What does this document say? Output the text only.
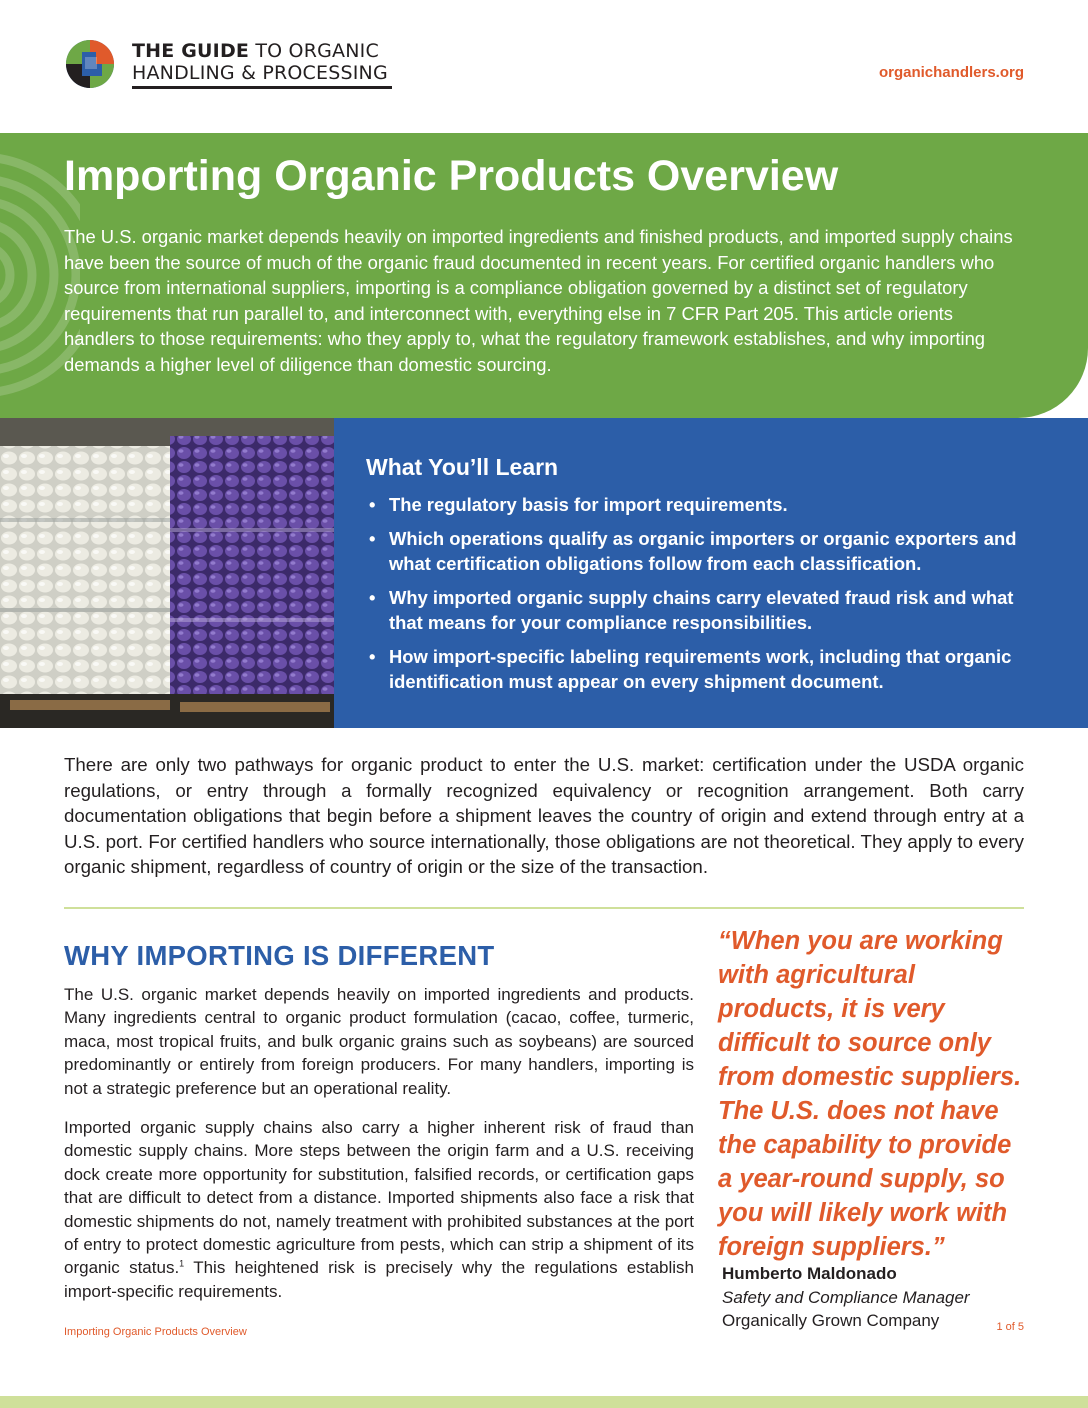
THE GUIDE TO ORGANIC
HANDLING & PROCESSING	organichandlers.org
Importing Organic Products Overview
The U.S. organic market depends heavily on imported ingredients and finished products, and imported supply chains have been the source of much of the organic fraud documented in recent years. For certified organic handlers who source from international suppliers, importing is a compliance obligation governed by a distinct set of regulatory requirements that run parallel to, and interconnect with, everything else in 7 CFR Part 205. This article orients handlers to those requirements: who they apply to, what the regulatory framework establishes, and why importing demands a higher level of diligence than domestic sourcing.
What You’ll Learn
• The regulatory basis for import requirements.
• Which operations qualify as organic importers or organic exporters and what certification obligations follow from each classification.
• Why imported organic supply chains carry elevated fraud risk and what that means for your compliance responsibilities.
• How import-specific labeling requirements work, including that organic identification must appear on every shipment document.
There are only two pathways for organic product to enter the U.S. market: certification under the USDA organic regulations, or entry through a formally recognized equivalency or recognition arrangement. Both carry documentation obligations that begin before a shipment leaves the country of origin and extend through entry at a U.S. port. For certified handlers who source internationally, those obligations are not theoretical. They apply to every organic shipment, regardless of country of origin or the size of the transaction.
WHY IMPORTING IS DIFFERENT
The U.S. organic market depends heavily on imported ingredients and products. Many ingredients central to organic product formulation (cacao, coffee, turmeric, maca, most tropical fruits, and bulk organic grains such as soybeans) are sourced predominantly or entirely from foreign producers. For many handlers, importing is not a strategic preference but an operational reality.
Imported organic supply chains also carry a higher inherent risk of fraud than domestic supply chains. More steps between the origin farm and a U.S. receiving dock create more opportunity for substitution, falsified records, or certification gaps that are difficult to detect from a distance. Imported shipments also face a risk that domestic shipments do not, namely treatment with prohibited substances at the port of entry to protect domestic agriculture from pests, which can strip a shipment of its organic status.$^1$ This heightened risk is precisely why the regulations establish import-specific requirements.
“When you are working with agricultural products, it is very difficult to source only from domestic suppliers. The U.S. does not have the capability to provide a year-round supply, so you will likely work with foreign suppliers.”
Humberto Maldonado
Safety and Compliance Manager
Organically Grown Company
Importing Organic Products Overview	1 of 5
